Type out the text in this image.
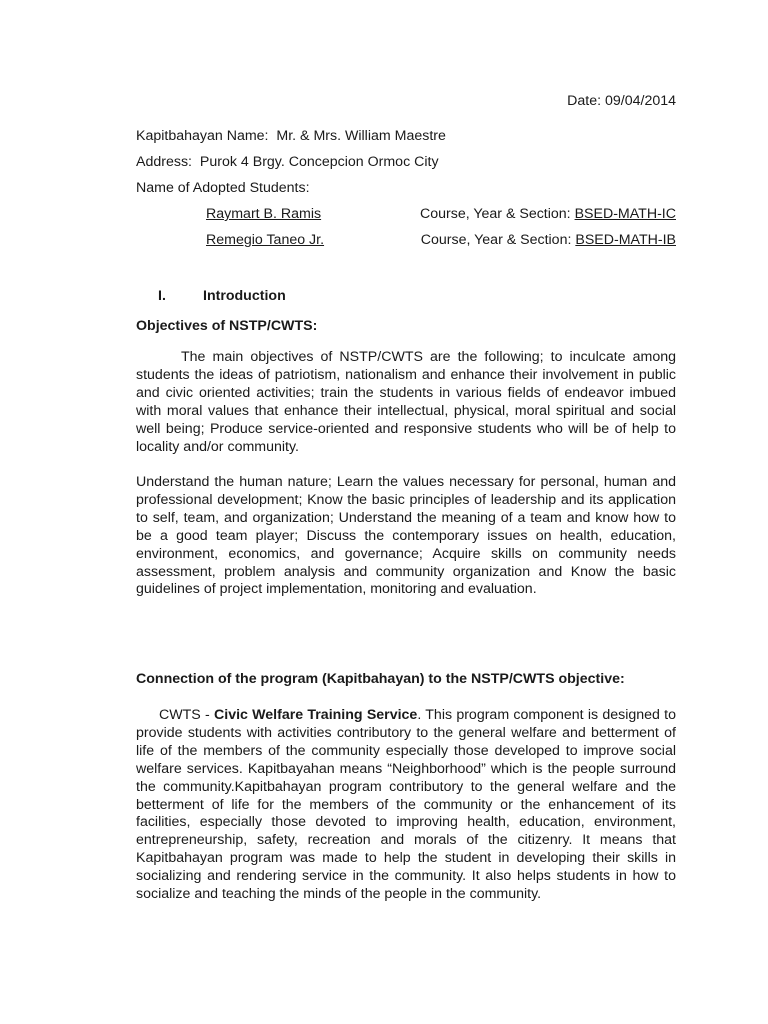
Date: 09/04/2014
Kapitbahayan Name: Mr. & Mrs. William Maestre
Address: Purok 4 Brgy. Concepcion Ormoc City
Name of Adopted Students:
Raymart B. Ramis	Course, Year & Section: BSED-MATH-IC
Remegio Taneo Jr.	Course, Year & Section: BSED-MATH-IB
I.	Introduction
Objectives of NSTP/CWTS:
The main objectives of NSTP/CWTS are the following; to inculcate among students the ideas of patriotism, nationalism and enhance their involvement in public and civic oriented activities; train the students in various fields of endeavor imbued with moral values that enhance their intellectual, physical, moral spiritual and social well being; Produce service-oriented and responsive students who will be of help to locality and/or community.
Understand the human nature; Learn the values necessary for personal, human and professional development; Know the basic principles of leadership and its application to self, team, and organization; Understand the meaning of a team and know how to be a good team player; Discuss the contemporary issues on health, education, environment, economics, and governance; Acquire skills on community needs assessment, problem analysis and community organization and Know the basic guidelines of project implementation, monitoring and evaluation.
Connection of the program (Kapitbahayan) to the NSTP/CWTS objective:
CWTS - Civic Welfare Training Service. This program component is designed to provide students with activities contributory to the general welfare and betterment of life of the members of the community especially those developed to improve social welfare services. Kapitbayahan means “Neighborhood” which is the people surround the community.Kapitbahayan program contributory to the general welfare and the betterment of life for the members of the community or the enhancement of its facilities, especially those devoted to improving health, education, environment, entrepreneurship, safety, recreation and morals of the citizenry. It means that Kapitbahayan program was made to help the student in developing their skills in socializing and rendering service in the community. It also helps students in how to socialize and teaching the minds of the people in the community.
